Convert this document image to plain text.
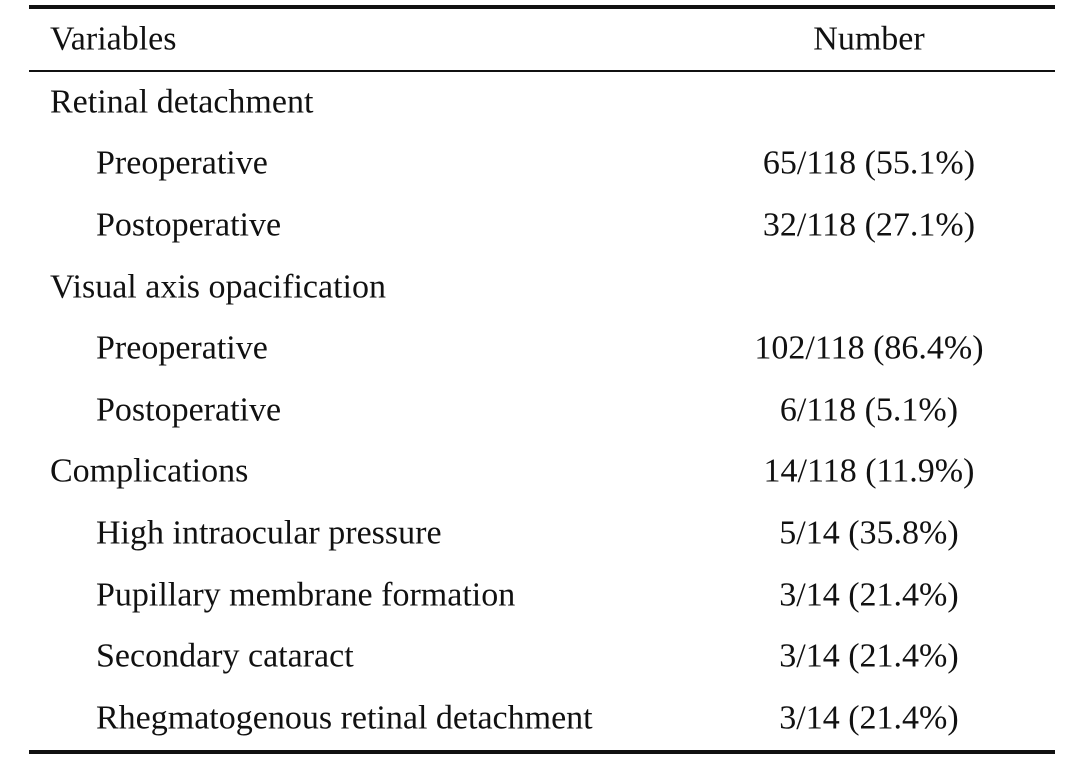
Variables	Number
Retinal detachment
Preoperative	65/118 (55.1%)
Postoperative	32/118 (27.1%)
Visual axis opacification
Preoperative	102/118 (86.4%)
Postoperative	6/118 (5.1%)
Complications	14/118 (11.9%)
High intraocular pressure	5/14 (35.8%)
Pupillary membrane formation	3/14 (21.4%)
Secondary cataract	3/14 (21.4%)
Rhegmatogenous retinal detachment	3/14 (21.4%)
